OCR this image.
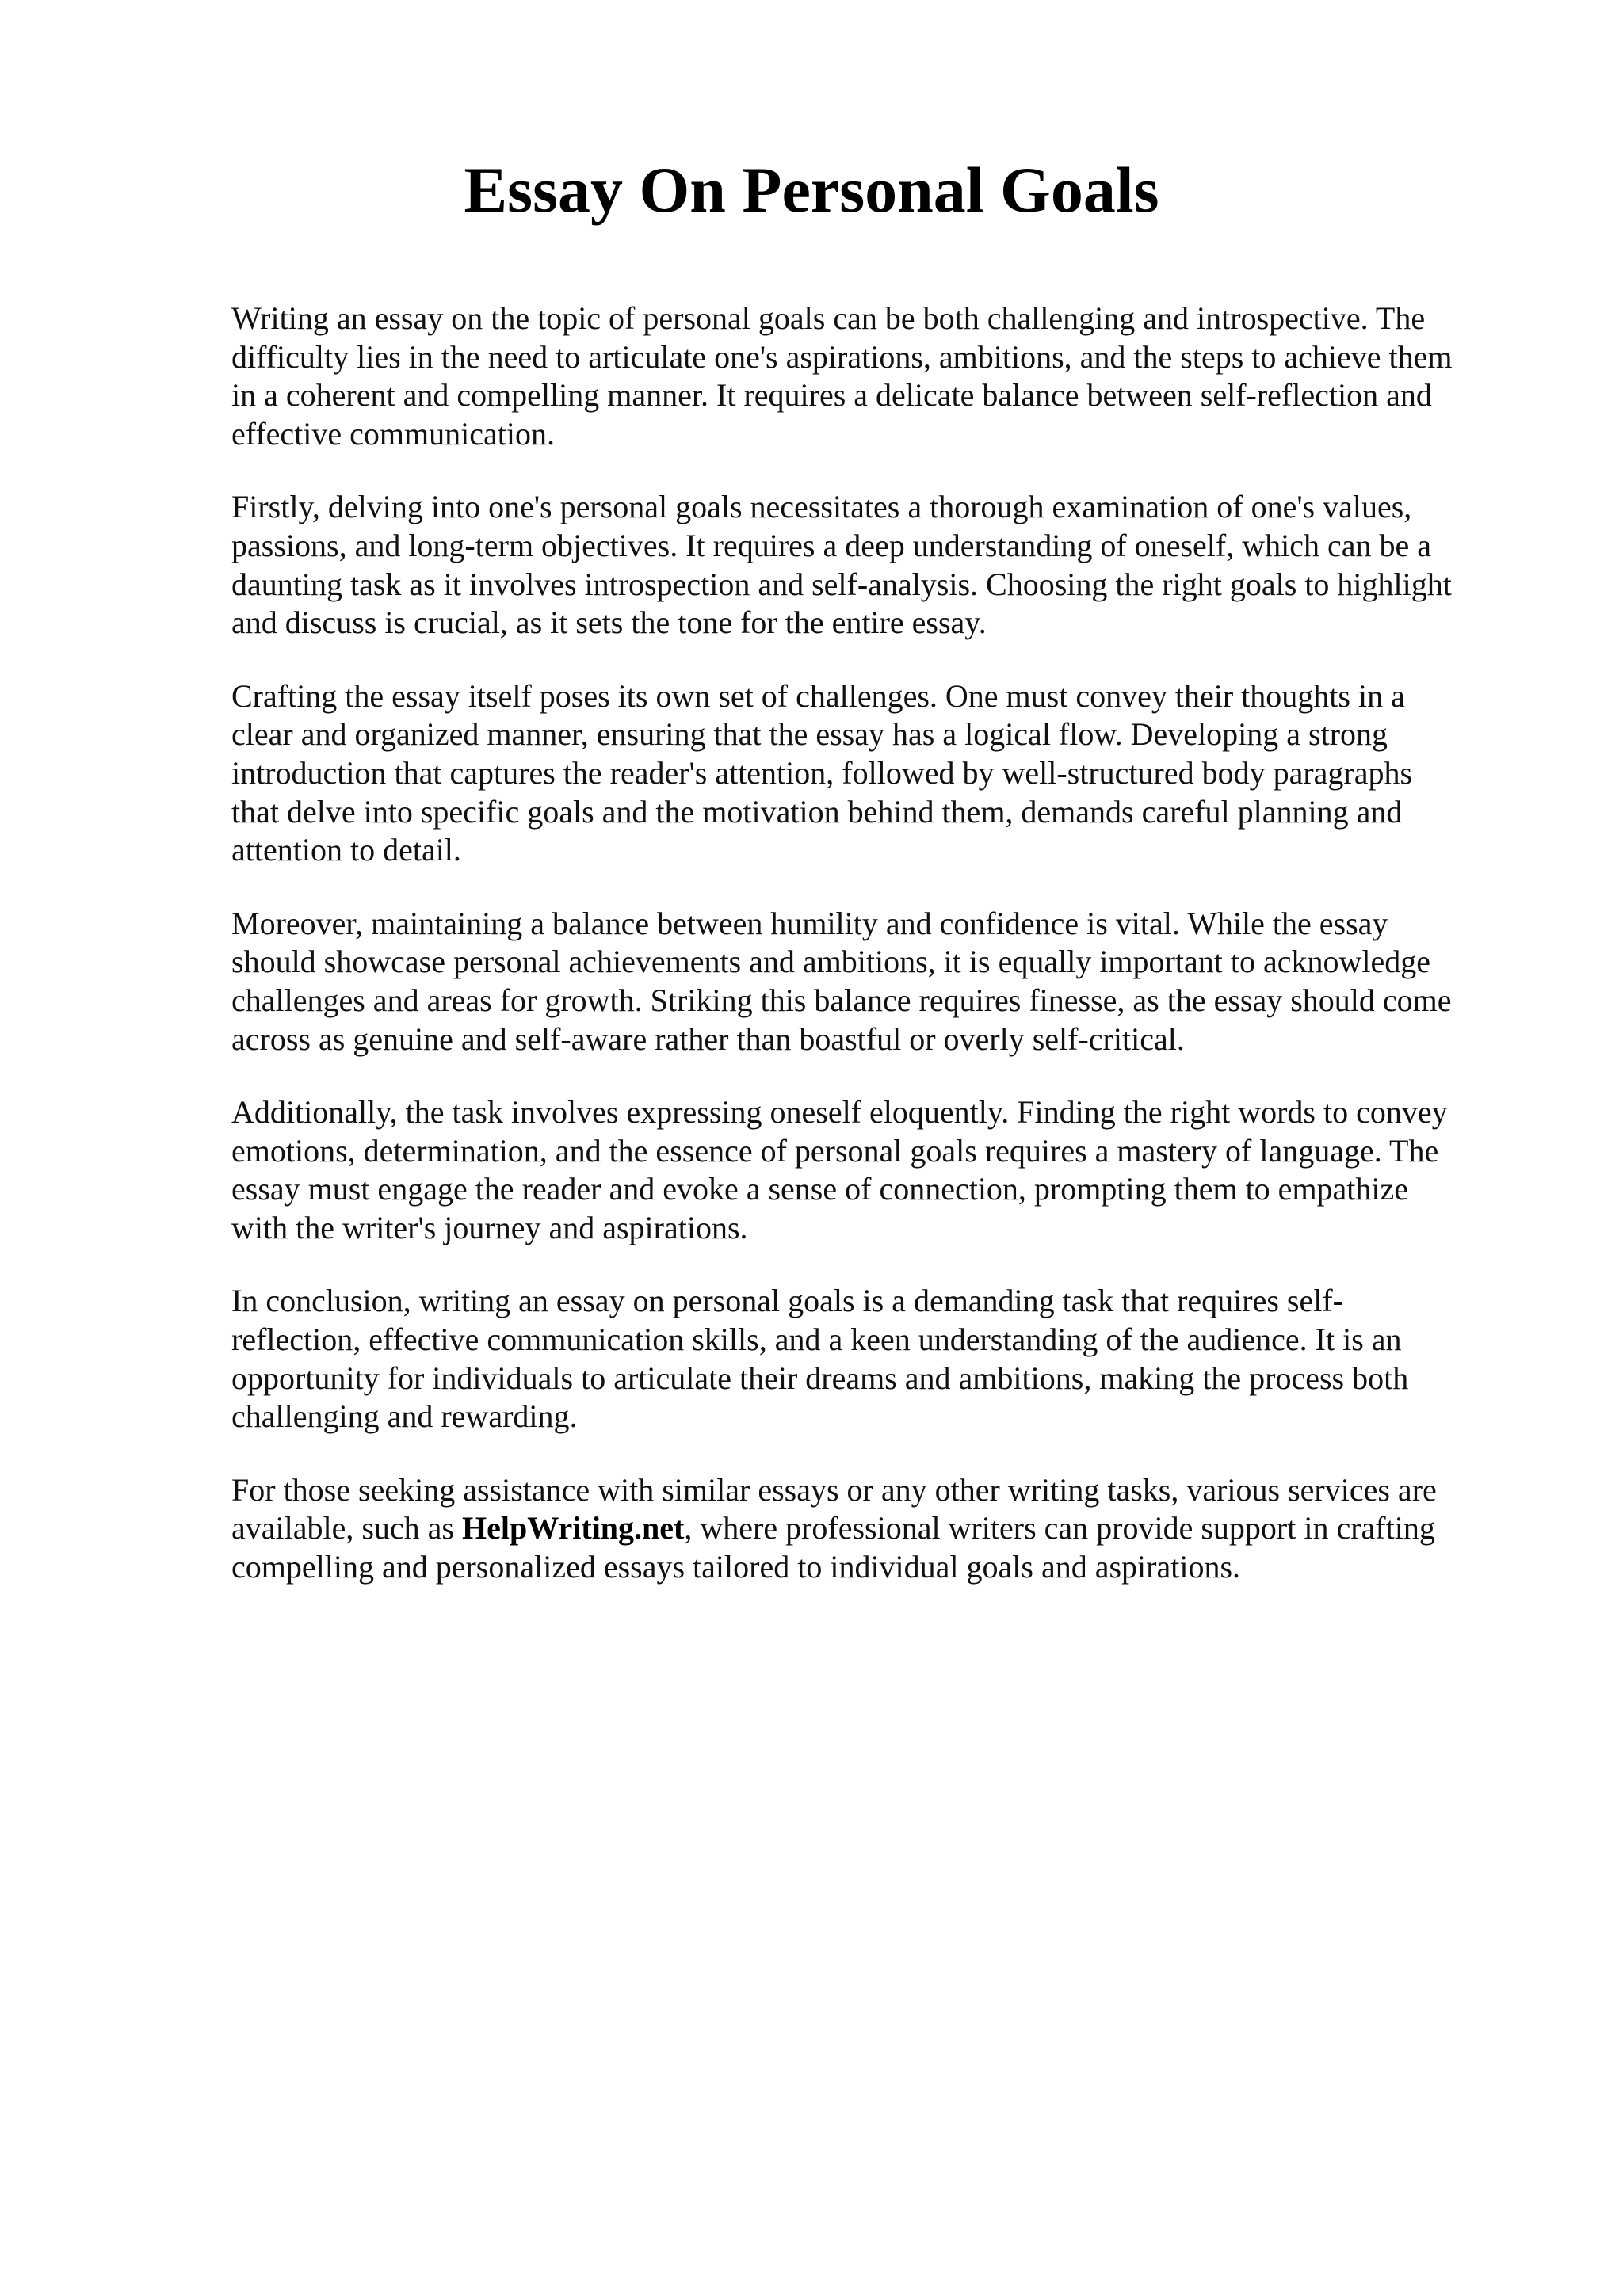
Essay On Personal Goals

Writing an essay on the topic of personal goals can be both challenging and introspective. The
difficulty lies in the need to articulate one's aspirations, ambitions, and the steps to achieve them
in a coherent and compelling manner. It requires a delicate balance between self-reflection and
effective communication.

Firstly, delving into one's personal goals necessitates a thorough examination of one's values,
passions, and long-term objectives. It requires a deep understanding of oneself, which can be a
daunting task as it involves introspection and self-analysis. Choosing the right goals to highlight
and discuss is crucial, as it sets the tone for the entire essay.

Crafting the essay itself poses its own set of challenges. One must convey their thoughts in a
clear and organized manner, ensuring that the essay has a logical flow. Developing a strong
introduction that captures the reader's attention, followed by well-structured body paragraphs
that delve into specific goals and the motivation behind them, demands careful planning and
attention to detail.

Moreover, maintaining a balance between humility and confidence is vital. While the essay
should showcase personal achievements and ambitions, it is equally important to acknowledge
challenges and areas for growth. Striking this balance requires finesse, as the essay should come
across as genuine and self-aware rather than boastful or overly self-critical.

Additionally, the task involves expressing oneself eloquently. Finding the right words to convey
emotions, determination, and the essence of personal goals requires a mastery of language. The
essay must engage the reader and evoke a sense of connection, prompting them to empathize
with the writer's journey and aspirations.

In conclusion, writing an essay on personal goals is a demanding task that requires self-
reflection, effective communication skills, and a keen understanding of the audience. It is an
opportunity for individuals to articulate their dreams and ambitions, making the process both
challenging and rewarding.

For those seeking assistance with similar essays or any other writing tasks, various services are
available, such as HelpWriting.net, where professional writers can provide support in crafting
compelling and personalized essays tailored to individual goals and aspirations.
